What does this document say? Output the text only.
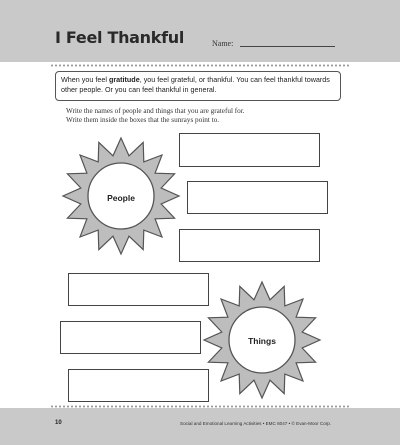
I Feel Thankful	Name:
When you feel gratitude, you feel grateful, or thankful. You can feel thankful towards other people. Or you can feel thankful in general.
Write the names of people and things that you are grateful for.
Write them inside the boxes that the sunrays point to.
People
Things
10	Social and Emotional Learning Activities • EMC 6047 • © Evan-Moor Corp.
